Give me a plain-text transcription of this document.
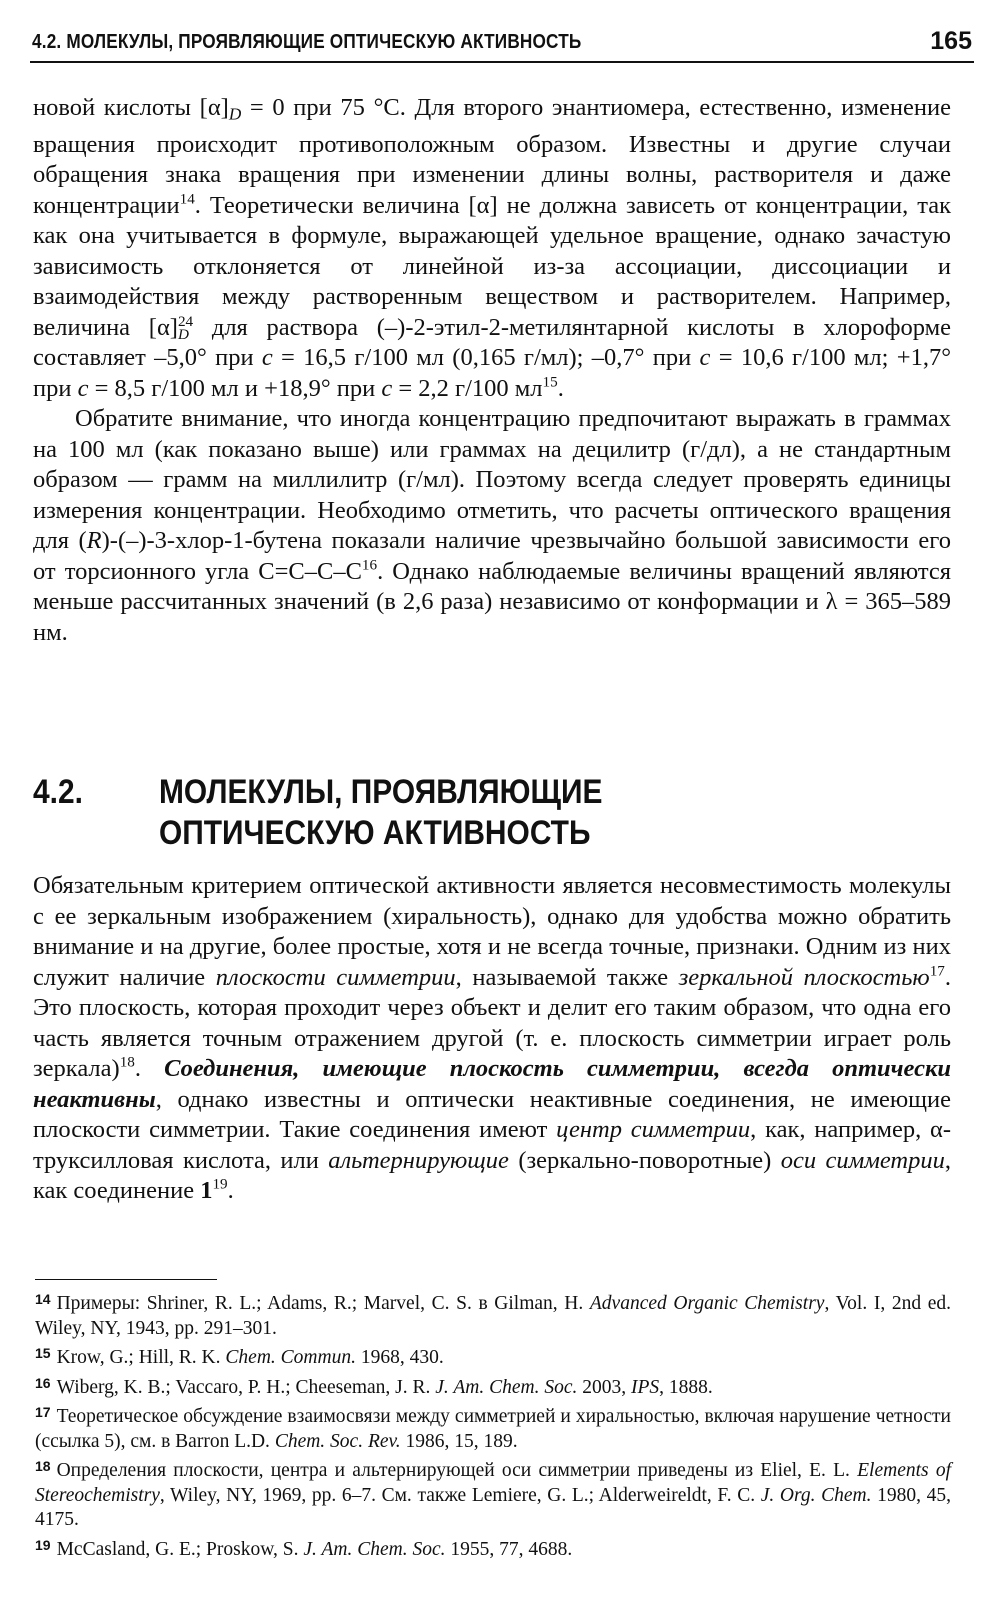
4.2. МОЛЕКУЛЫ, ПРОЯВЛЯЮЩИЕ ОПТИЧЕСКУЮ АКТИВНОСТЬ	165

новой кислоты $[\alpha]_D = 0$ при 75 °С. Для второго энантиомера, естественно, изменение вращения происходит противоположным образом. Известны и другие случаи обращения знака вращения при изменении длины волны, растворителя и даже концентрации$^{14}$. Теоретически величина [α] не должна зависеть от концентрации, так как она учитывается в формуле, выражающей удельное вращение, однако зачастую зависимость отклоняется от линейной из-за ассоциации, диссоциации и взаимодействия между растворенным веществом и растворителем. Например, величина [α] 24
D для раствора (–)-2-этил-2-метилянтарной кислоты в хлороформе составляет –5,0° при c = 16,5 г/100 мл (0,165 г/мл); –0,7° при c = 10,6 г/100 мл; +1,7° при c = 8,5 г/100 мл и +18,9° при c = 2,2 г/100 $мл^{15}$.

Обратите внимание, что иногда концентрацию предпочитают выражать в граммах на 100 мл (как показано выше) или граммах на децилитр (г/дл), а не стандартным образом — грамм на миллилитр (г/мл). Поэтому всегда следует проверять единицы измерения концентрации. Необходимо отметить, что расчеты оптического вращения для (R)-(–)-3-хлор-1-бутена показали наличие чрезвычайно большой зависимости его от торсионного угла $С=С-С-С^{16}$. Однако наблюдаемые величины вращений являются меньше рассчитанных значений (в 2,6 раза) независимо от конформации и λ = 365–589 нм.

4.2. МОЛЕКУЛЫ, ПРОЯВЛЯЮЩИЕ
ОПТИЧЕСКУЮ АКТИВНОСТЬ

Обязательным критерием оптической активности является несовместимость молекулы с ее зеркальным изображением (хиральность), однако для удобства можно обратить внимание и на другие, более простые, хотя и не всегда точные, признаки. Одним из них служит наличие плоскости симметрии, называемой также зеркальной плоскостью$^{17}$. Это плоскость, которая проходит через объект и делит его таким образом, что одна его часть является точным отражением другой (т. е. плоскость симметрии играет роль зеркала)$^{18}$. Соединения, имеющие плоскость симметрии, всегда оптически неактивны, однако известны и оптически неактивные соединения, не имеющие плоскости симметрии. Такие соединения имеют центр симметрии, как, например, α-труксилловая кислота, или альтернирующие (зеркально-поворотные) оси симметрии, как соединение $1^{19}$.

$^{14}$ Примеры: Shriner, R. L.; Adams, R.; Marvel, C. S. в Gilman, H. Advanced Organic Chemistry, Vol. I, 2nd ed. Wiley, NY, 1943, pp. 291–301.

$^{15}$ Krow, G.; Hill, R. K. Chem. Commun. 1968, 430.

$^{16}$ Wiberg, K. B.; Vaccaro, P. H.; Cheeseman, J. R. J. Am. Chem. Soc. 2003, IPS, 1888.

$^{17}$ Теоретическое обсуждение взаимосвязи между симметрией и хиральностью, включая нарушение четности (ссылка 5), см. в Barron L.D. Chem. Soc. Rev. 1986, 15, 189.

$^{18}$ Определения плоскости, центра и альтернирующей оси симметрии приведены из Eliel, E. L. Elements of Stereochemistry, Wiley, NY, 1969, pp. 6–7. См. также Lemiere, G. L.; Alderweireldt, F. C. J. Org. Chem. 1980, 45, 4175.

$^{19}$ McCasland, G. E.; Proskow, S. J. Am. Chem. Soc. 1955, 77, 4688.
